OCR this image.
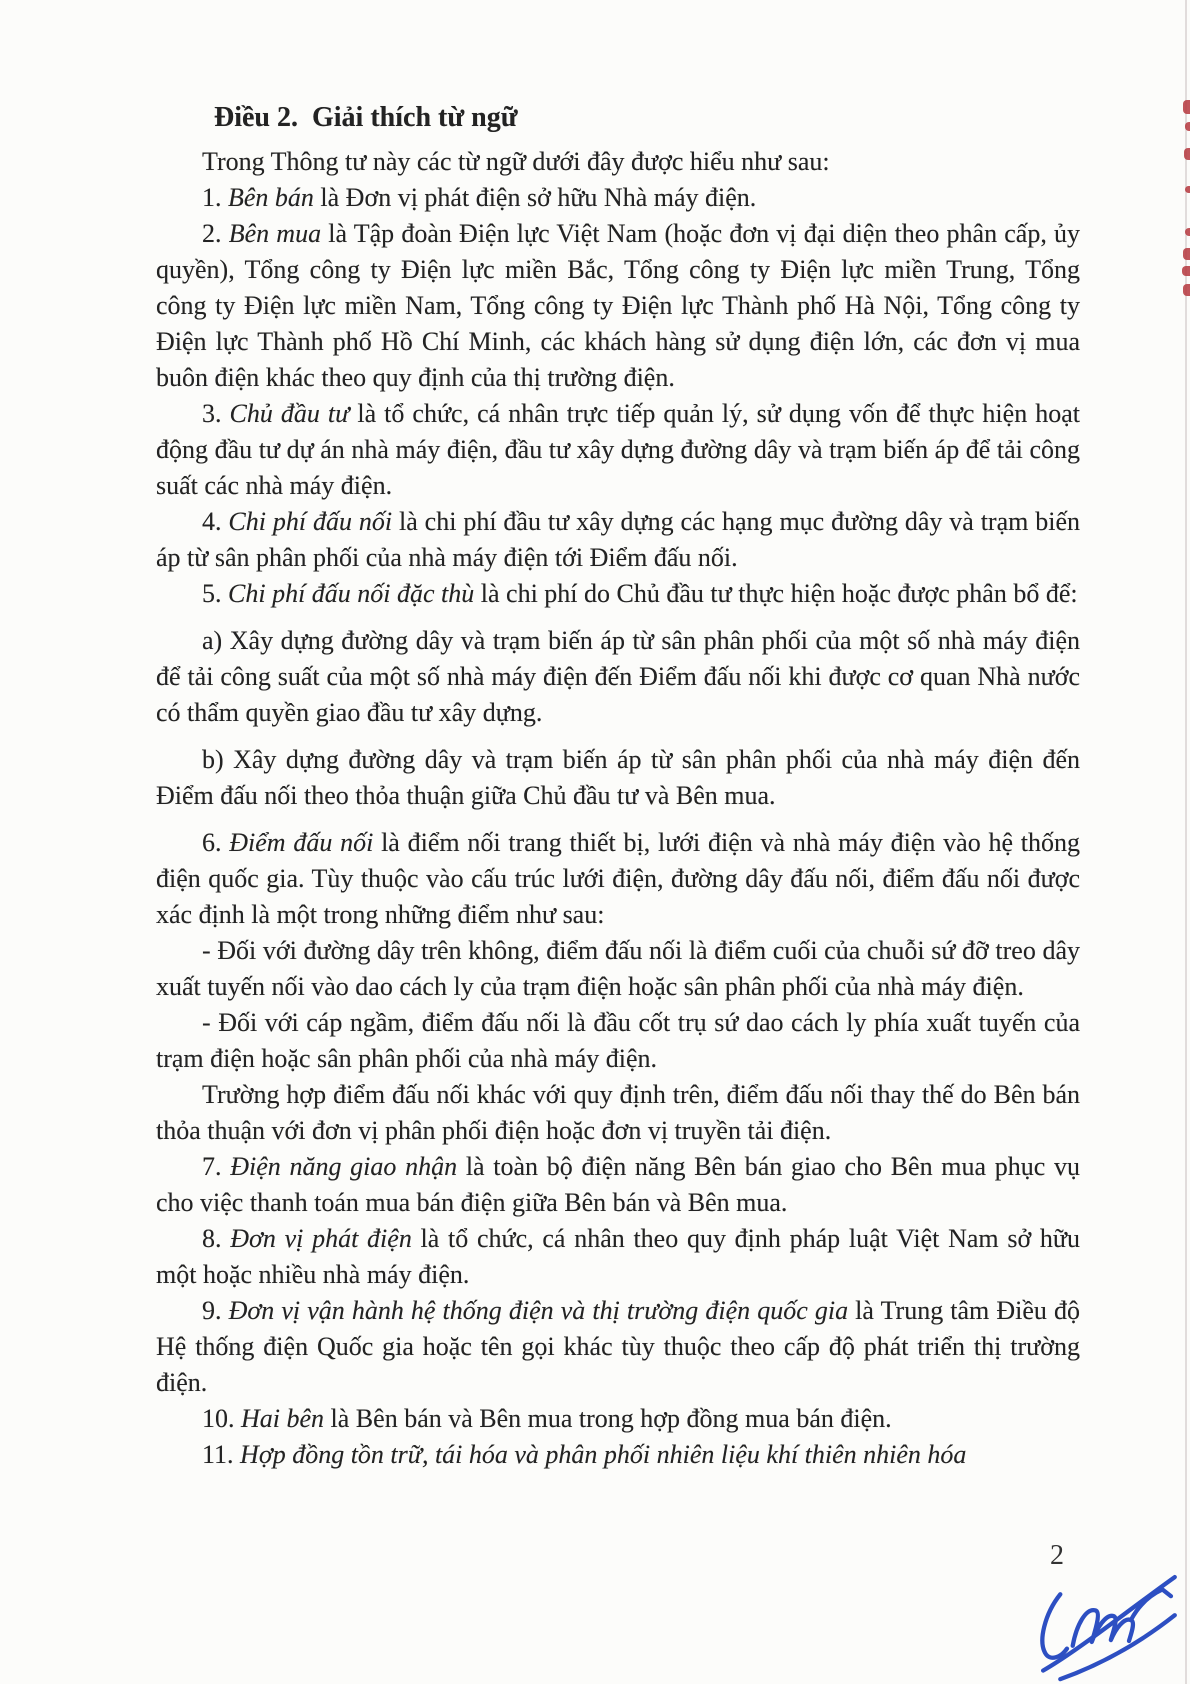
Điều 2.  Giải thích từ ngữ

Trong Thông tư này các từ ngữ dưới đây được hiểu như sau:

1. Bên bán là Đơn vị phát điện sở hữu Nhà máy điện.

2. Bên mua là Tập đoàn Điện lực Việt Nam (hoặc đơn vị đại diện theo phân cấp, ủy quyền), Tổng công ty Điện lực miền Bắc, Tổng công ty Điện lực miền Trung, Tổng công ty Điện lực miền Nam, Tổng công ty Điện lực Thành phố Hà Nội, Tổng công ty Điện lực Thành phố Hồ Chí Minh, các khách hàng sử dụng điện lớn, các đơn vị mua buôn điện khác theo quy định của thị trường điện.

3. Chủ đầu tư là tổ chức, cá nhân trực tiếp quản lý, sử dụng vốn để thực hiện hoạt động đầu tư dự án nhà máy điện, đầu tư xây dựng đường dây và trạm biến áp để tải công suất các nhà máy điện.

4. Chi phí đấu nối là chi phí đầu tư xây dựng các hạng mục đường dây và trạm biến áp từ sân phân phối của nhà máy điện tới Điểm đấu nối.

5. Chi phí đấu nối đặc thù là chi phí do Chủ đầu tư thực hiện hoặc được phân bổ để:

a) Xây dựng đường dây và trạm biến áp từ sân phân phối của một số nhà máy điện để tải công suất của một số nhà máy điện đến Điểm đấu nối khi được cơ quan Nhà nước có thẩm quyền giao đầu tư xây dựng.

b) Xây dựng đường dây và trạm biến áp từ sân phân phối của nhà máy điện đến Điểm đấu nối theo thỏa thuận giữa Chủ đầu tư và Bên mua.

6. Điểm đấu nối là điểm nối trang thiết bị, lưới điện và nhà máy điện vào hệ thống điện quốc gia. Tùy thuộc vào cấu trúc lưới điện, đường dây đấu nối, điểm đấu nối được xác định là một trong những điểm như sau:

- Đối với đường dây trên không, điểm đấu nối là điểm cuối của chuỗi sứ đỡ treo dây xuất tuyến nối vào dao cách ly của trạm điện hoặc sân phân phối của nhà máy điện.

- Đối với cáp ngầm, điểm đấu nối là đầu cốt trụ sứ dao cách ly phía xuất tuyến của trạm điện hoặc sân phân phối của nhà máy điện.

Trường hợp điểm đấu nối khác với quy định trên, điểm đấu nối thay thế do Bên bán thỏa thuận với đơn vị phân phối điện hoặc đơn vị truyền tải điện.

7. Điện năng giao nhận là toàn bộ điện năng Bên bán giao cho Bên mua phục vụ cho việc thanh toán mua bán điện giữa Bên bán và Bên mua.

8. Đơn vị phát điện là tổ chức, cá nhân theo quy định pháp luật Việt Nam sở hữu một hoặc nhiều nhà máy điện.

9. Đơn vị vận hành hệ thống điện và thị trường điện quốc gia là Trung tâm Điều độ Hệ thống điện Quốc gia hoặc tên gọi khác tùy thuộc theo cấp độ phát triển thị trường điện.

10. Hai bên là Bên bán và Bên mua trong hợp đồng mua bán điện.

11. Hợp đồng tồn trữ, tái hóa và phân phối nhiên liệu khí thiên nhiên hóa

2
